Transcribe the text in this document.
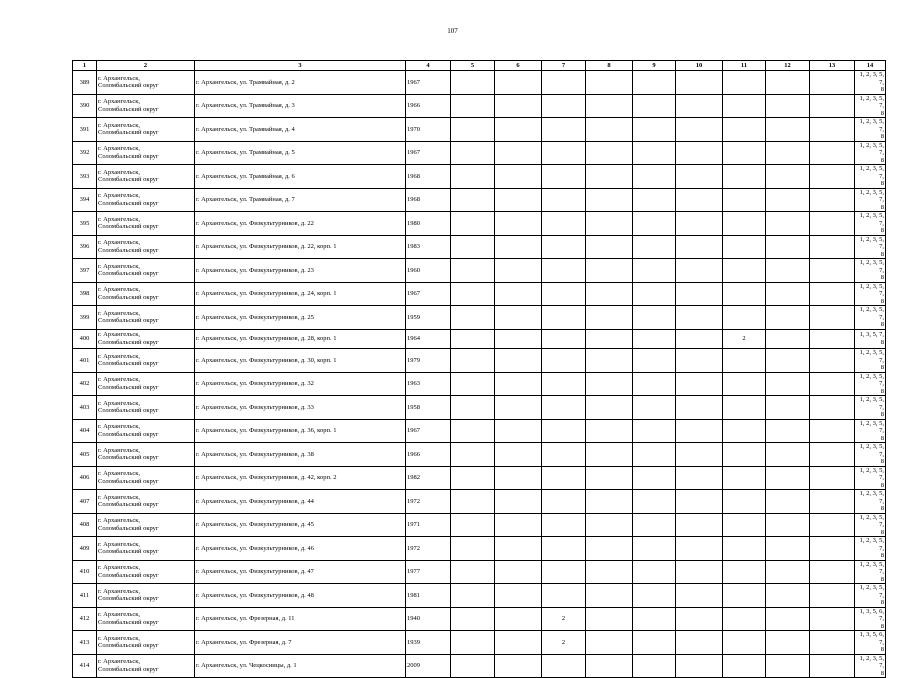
107
1	2	3	4	5	6	7	8	9	10	11	12	13	14
389	г. Архангельск,
Соломбальский округ	г. Архангельск, ул. Трамвайная, д. 2	1967										1, 2, 3, 5, 7,
8
390	г. Архангельск,
Соломбальский округ	г. Архангельск, ул. Трамвайная, д. 3	1966										1, 2, 3, 5, 7,
8
391	г. Архангельск,
Соломбальский округ	г. Архангельск, ул. Трамвайная, д. 4	1970										1, 2, 3, 5, 7,
8
392	г. Архангельск,
Соломбальский округ	г. Архангельск, ул. Трамвайная, д. 5	1967										1, 2, 3, 5, 7,
8
393	г. Архангельск,
Соломбальский округ	г. Архангельск, ул. Трамвайная, д. 6	1968										1, 2, 3, 5, 7,
8
394	г. Архангельск,
Соломбальский округ	г. Архангельск, ул. Трамвайная, д. 7	1968										1, 2, 3, 5, 7,
8
395	г. Архангельск,
Соломбальский округ	г. Архангельск, ул. Физкультурников, д. 22	1980										1, 2, 3, 5, 7,
8
396	г. Архангельск,
Соломбальский округ	г. Архангельск, ул. Физкультурников, д. 22, корп. 1	1983										1, 2, 3, 5, 7,
8
397	г. Архангельск,
Соломбальский округ	г. Архангельск, ул. Физкультурников, д. 23	1960										1, 2, 3, 5, 7,
8
398	г. Архангельск,
Соломбальский округ	г. Архангельск, ул. Физкультурников, д. 24, корп. 1	1967										1, 2, 3, 5, 7,
8
399	г. Архангельск,
Соломбальский округ	г. Архангельск, ул. Физкультурников, д. 25	1959										1, 2, 3, 5, 7,
8
400	г. Архангельск,
Соломбальский округ	г. Архангельск, ул. Физкультурников, д. 28, корп. 1	1964							2			1, 3, 5, 7, 8
401	г. Архангельск,
Соломбальский округ	г. Архангельск, ул. Физкультурников, д. 30, корп. 1	1979										1, 2, 3, 5, 7,
8
402	г. Архангельск,
Соломбальский округ	г. Архангельск, ул. Физкультурников, д. 32	1963										1, 2, 3, 5, 7,
8
403	г. Архангельск,
Соломбальский округ	г. Архангельск, ул. Физкультурников, д. 33	1958										1, 2, 3, 5, 7,
8
404	г. Архангельск,
Соломбальский округ	г. Архангельск, ул. Физкультурников, д. 36, корп. 1	1967										1, 2, 3, 5, 7,
8
405	г. Архангельск,
Соломбальский округ	г. Архангельск, ул. Физкультурников, д. 38	1966										1, 2, 3, 5, 7,
8
406	г. Архангельск,
Соломбальский округ	г. Архангельск, ул. Физкультурников, д. 42, корп. 2	1982										1, 2, 3, 5, 7,
8
407	г. Архангельск,
Соломбальский округ	г. Архангельск, ул. Физкультурников, д. 44	1972										1, 2, 3, 5, 7,
8
408	г. Архангельск,
Соломбальский округ	г. Архангельск, ул. Физкультурников, д. 45	1971										1, 2, 3, 5, 7,
8
409	г. Архангельск,
Соломбальский округ	г. Архангельск, ул. Физкультурников, д. 46	1972										1, 2, 3, 5, 7,
8
410	г. Архангельск,
Соломбальский округ	г. Архангельск, ул. Физкультурников, д. 47	1977										1, 2, 3, 5, 7,
8
411	г. Архангельск,
Соломбальский округ	г. Архангельск, ул. Физкультурников, д. 48	1981										1, 2, 3, 5, 7,
8
412	г. Архангельск,
Соломбальский округ	г. Архангельск, ул. Фрезерная, д. 11	1940			2							1, 3, 5, 6, 7,
8
413	г. Архангельск,
Соломбальский округ	г. Архангельск, ул. Фрезерная, д. 7	1939			2							1, 3, 5, 6, 7,
8
414	г. Архангельск,
Соломбальский округ	г. Архангельск, ул. Чецкосиицы, д. 1	2009										1, 2, 3, 5, 7,
8
